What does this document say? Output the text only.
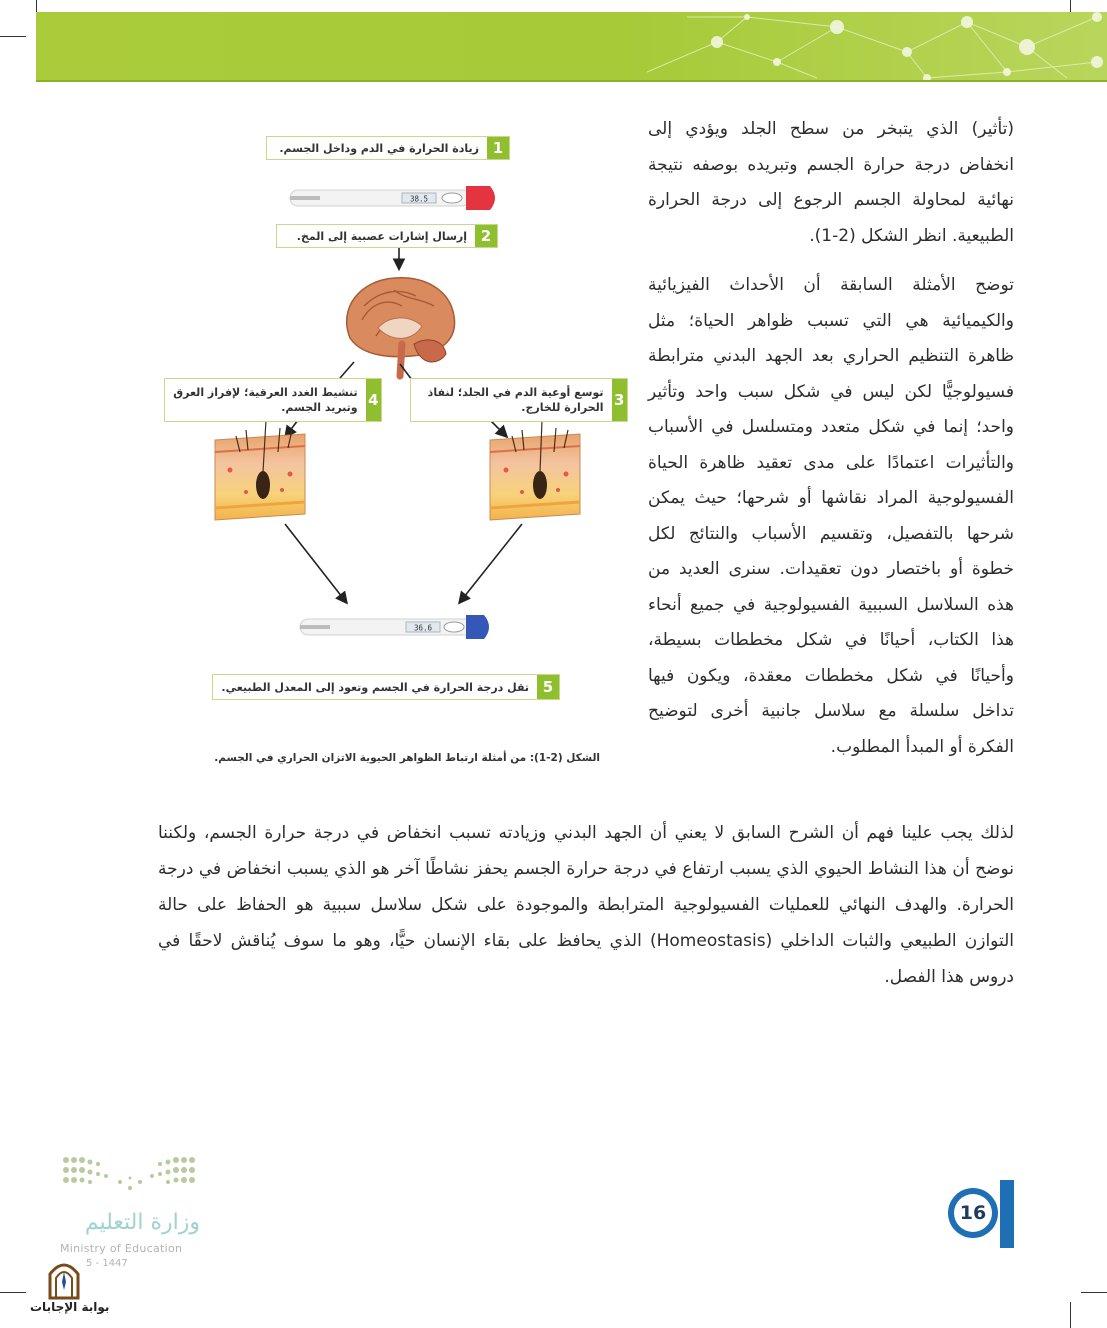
(تأثير) الذي يتبخر من سطح الجلد ويؤدي إلى انخفاض درجة حرارة الجسم وتبريده بوصفه نتيجة نهائية لمحاولة الجسم الرجوع إلى درجة الحرارة الطبيعية. انظر الشكل (2-1).

توضح الأمثلة السابقة أن الأحداث الفيزيائية والكيميائية هي التي تسبب ظواهر الحياة؛ مثل ظاهرة التنظيم الحراري بعد الجهد البدني مترابطة فسيولوجيًّا لكن ليس في شكل سبب واحد وتأثير واحد؛ إنما في شكل متعدد ومتسلسل في الأسباب والتأثيرات اعتمادًا على مدى تعقيد ظاهرة الحياة الفسيولوجية المراد نقاشها أو شرحها؛ حيث يمكن شرحها بالتفصيل، وتقسيم الأسباب والنتائج لكل خطوة أو باختصار دون تعقيدات. سنرى العديد من هذه السلاسل السببية الفسيولوجية في جميع أنحاء هذا الكتاب، أحيانًا في شكل مخططات بسيطة، وأحيانًا في شكل مخططات معقدة، ويكون فيها تداخل سلسلة مع سلاسل جانبية أخرى لتوضيح الفكرة أو المبدأ المطلوب.

38.5
36.6
1
زيادة الحرارة في الدم وداخل الجسم.
2
إرسال إشارات عصبية إلى المخ.
3
توسع أوعية الدم في الجلد؛ لنفاذ الحرارة للخارج.
4
تنشيط الغدد العرقية؛ لإفراز العرق وتبريد الجسم.
5
تقل درجة الحرارة في الجسم وتعود إلى المعدل الطبيعي.
الشكل (2-1): من أمثلة ارتباط الظواهر الحيوية الاتزان الحراري في الجسم.

لذلك يجب علينا فهم أن الشرح السابق لا يعني أن الجهد البدني وزيادته تسبب انخفاض في درجة حرارة الجسم، ولكننا نوضح أن هذا النشاط الحيوي الذي يسبب ارتفاع في درجة حرارة الجسم يحفز نشاطًا آخر هو الذي يسبب انخفاض في درجة الحرارة. والهدف النهائي للعمليات الفسيولوجية المترابطة والموجودة على شكل سلاسل سببية هو الحفاظ على حالة التوازن الطبيعي والثبات الداخلي (Homeostasis) الذي يحافظ على بقاء الإنسان حيًّا، وهو ما سوف يُناقش لاحقًا في دروس هذا الفصل.

16
وزارة التعليم
Ministry of Education
5 - 1447
بوابة الإجابات
